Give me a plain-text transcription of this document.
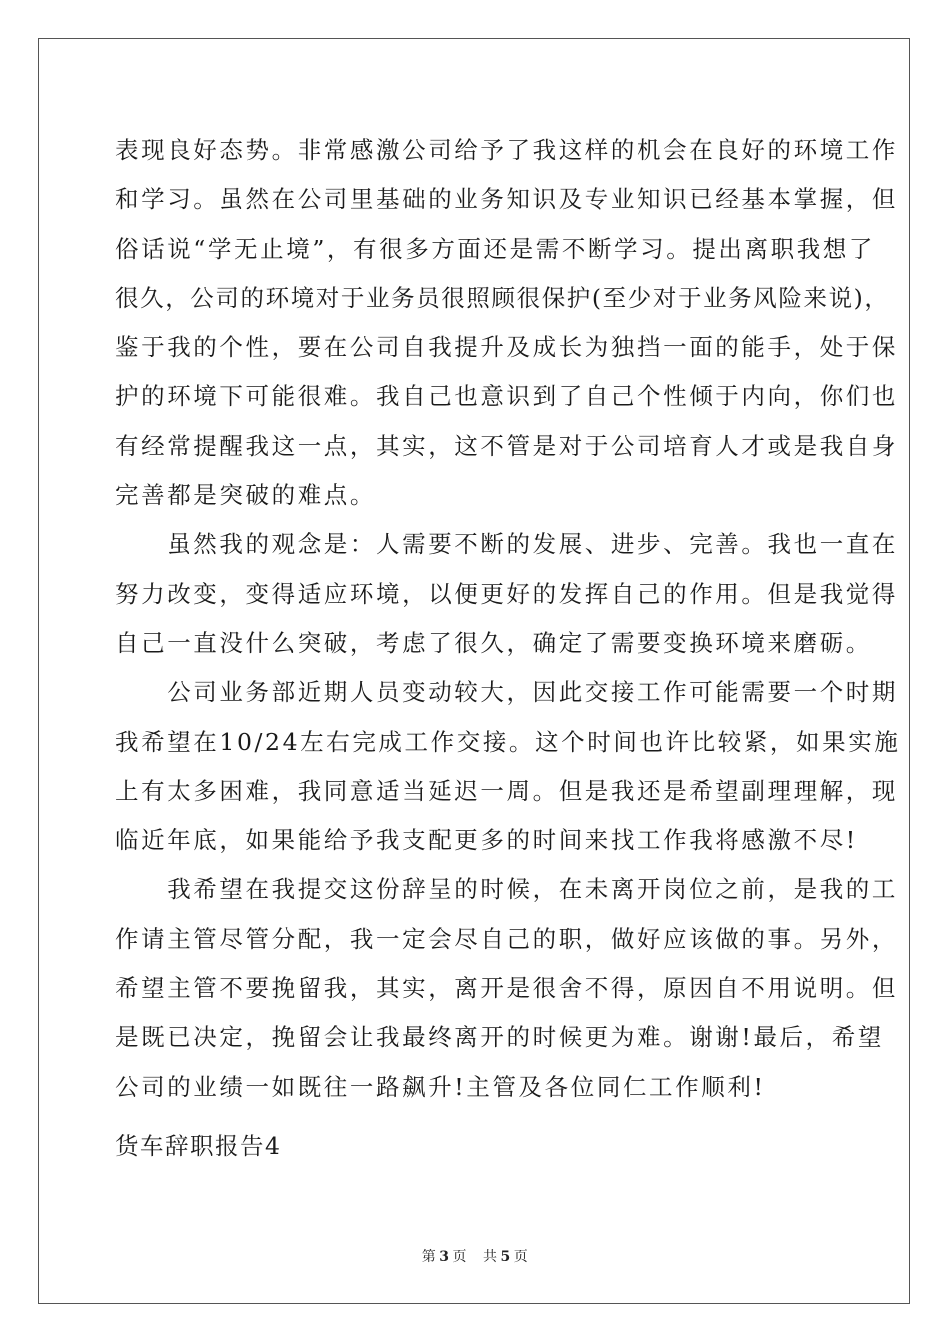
表现良好态势。非常感激公司给予了我这样的机会在良好的环境工作
和学习。虽然在公司里基础的业务知识及专业知识已经基本掌握，但
俗话说“学无止境”，有很多方面还是需不断学习。提出离职我想了
很久，公司的环境对于业务员很照顾很保护(至少对于业务风险来说)，
鉴于我的个性，要在公司自我提升及成长为独挡一面的能手，处于保
护的环境下可能很难。我自己也意识到了自己个性倾于内向，你们也
有经常提醒我这一点，其实，这不管是对于公司培育人才或是我自身
完善都是突破的难点。
　　虽然我的观念是：人需要不断的发展、进步、完善。我也一直在
努力改变，变得适应环境，以便更好的发挥自己的作用。但是我觉得
自己一直没什么突破，考虑了很久，确定了需要变换环境来磨砺。
　　公司业务部近期人员变动较大，因此交接工作可能需要一个时期
我希望在10/24左右完成工作交接。这个时间也许比较紧，如果实施
上有太多困难，我同意适当延迟一周。但是我还是希望副理理解，现
临近年底，如果能给予我支配更多的时间来找工作我将感激不尽!
　　我希望在我提交这份辞呈的时候，在未离开岗位之前，是我的工
作请主管尽管分配，我一定会尽自己的职，做好应该做的事。另外，
希望主管不要挽留我，其实，离开是很舍不得，原因自不用说明。但
是既已决定，挽留会让我最终离开的时候更为难。谢谢!最后，希望
公司的业绩一如既往一路飙升!主管及各位同仁工作顺利!
货车辞职报告4
第 3 页 共 5 页
